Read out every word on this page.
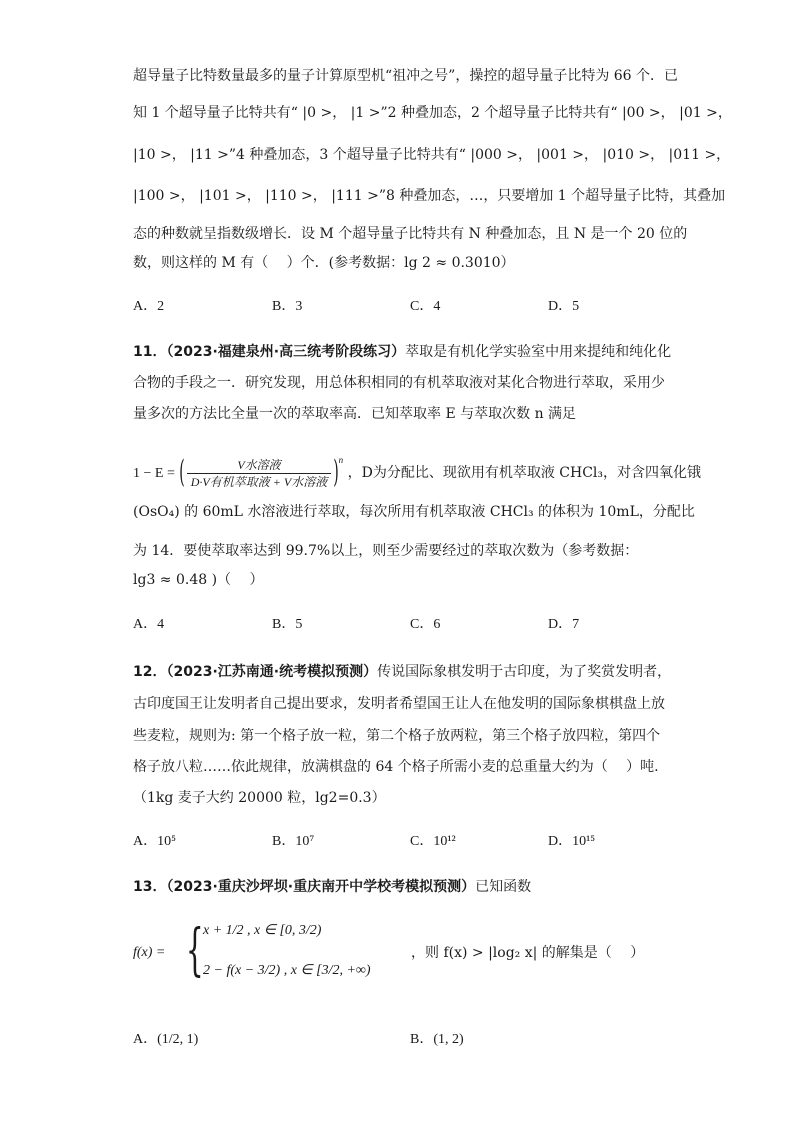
超导量子比特数量最多的量子计算原型机“祖冲之号”，操控的超导量子比特为 66 个．已
知 1 个超导量子比特共有“ |0 >， |1 >”2 种叠加态，2 个超导量子比特共有“ |00 >， |01 >，
|10 >， |11 >”4 种叠加态，3 个超导量子比特共有“ |000 >， |001 >， |010 >， |011 >，
|100 >， |101 >， |110 >， |111 >”8 种叠加态，…，只要增加 1 个超导量子比特，其叠加
态的种数就呈指数级增长．设 M 个超导量子比特共有 N 种叠加态，且 N 是一个 20 位的
数，则这样的 M 有（　 ）个．(参考数据：lg 2 ≈ 0.3010）
A．2	B．3	C．4	D．5
11．（2023·福建泉州·高三统考阶段练习）萃取是有机化学实验室中用来提纯和纯化化
合物的手段之一．研究发现，用总体积相同的有机萃取液对某化合物进行萃取，采用少
量多次的方法比全量一次的萃取率高．已知萃取率 E 与萃取次数 n 满足
1 − E = ( $\frac{\text{V水溶液}}{\text{D·V有机萃取液 + V水溶液}} )^n$ ，D为分配比、现欲用有机萃取液 CHCl₃，对含四氧化锇
(OsO₄) 的 60mL 水溶液进行萃取，每次所用有机萃取液 CHCl₃ 的体积为 10mL，分配比
为 14．要使萃取率达到 99.7%以上，则至少需要经过的萃取次数为（参考数据：
lg3 ≈ 0.48 )（　 ）
A．4	B．5	C．6	D．7
12．（2023·江苏南通·统考模拟预测）传说国际象棋发明于古印度，为了奖赏发明者，
古印度国王让发明者自己提出要求，发明者希望国王让人在他发明的国际象棋棋盘上放
些麦粒，规则为: 第一个格子放一粒，第二个格子放两粒，第三个格子放四粒，第四个
格子放八粒……依此规律，放满棋盘的 64 个格子所需小麦的总重量大约为（　 ）吨.
（1kg 麦子大约 20000 粒，lg2=0.3）
A．10⁵	B．10⁷	C．10¹²	D．10¹⁵
13．（2023·重庆沙坪坝·重庆南开中学校考模拟预测）已知函数
f(x) = { x + 1/2 , x ∈ [0, 3/2)
2 − f(x − 3/2) , x ∈ [3/2, +∞)
，则 f(x) > |log₂ x| 的解集是（　 ）
A．(1/2, 1)	B．(1, 2)
